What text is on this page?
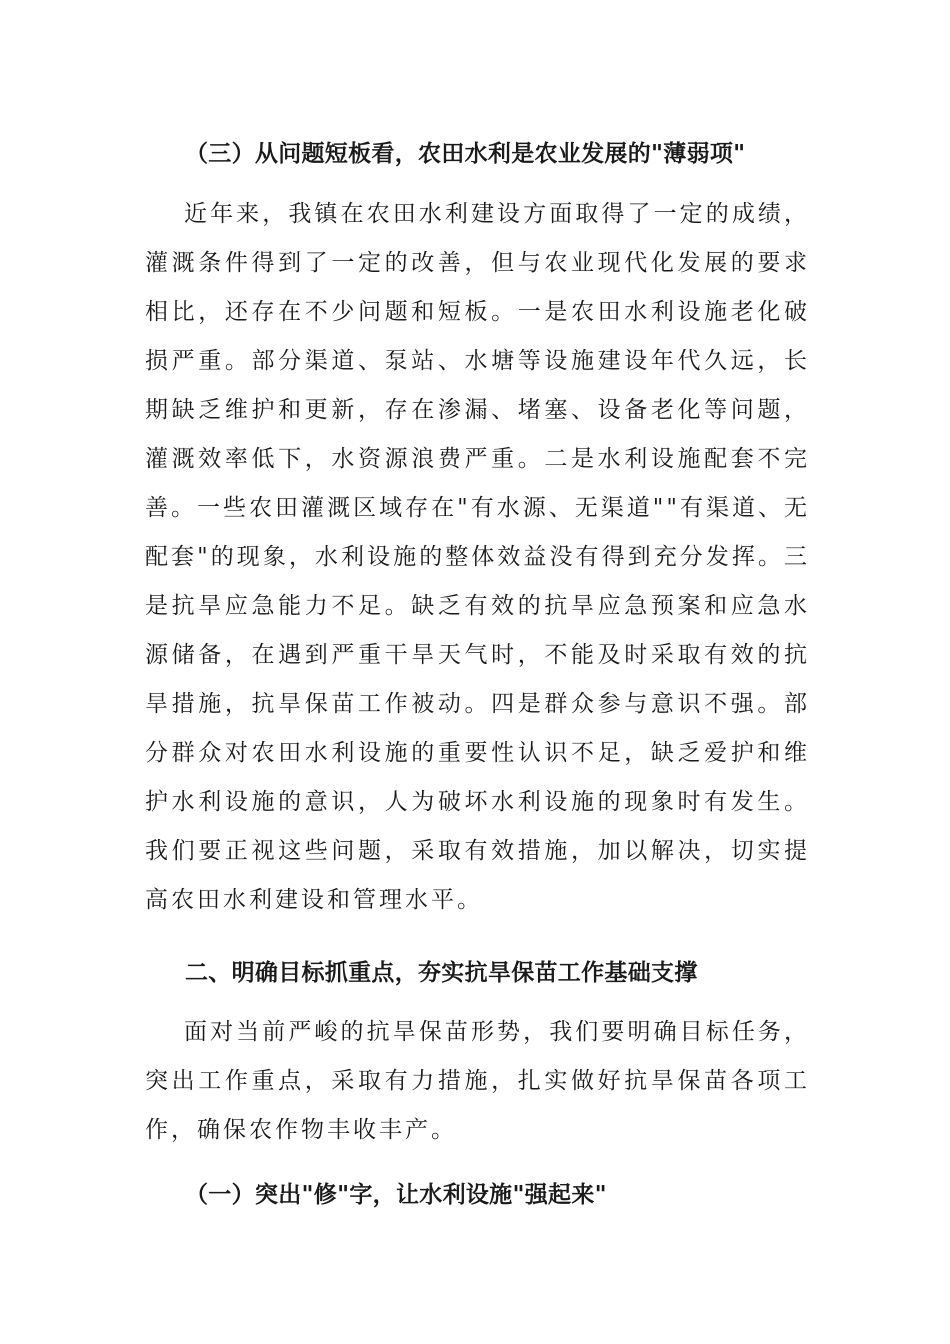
（三）从问题短板看，农田水利是农业发展的"薄弱项"
近年来，我镇在农田水利建设方面取得了一定的成绩，灌溉条件得到了一定的改善，但与农业现代化发展的要求相比，还存在不少问题和短板。一是农田水利设施老化破损严重。部分渠道、泵站、水塘等设施建设年代久远，长期缺乏维护和更新，存在渗漏、堵塞、设备老化等问题，灌溉效率低下，水资源浪费严重。二是水利设施配套不完善。一些农田灌溉区域存在"有水源、无渠道""有渠道、无配套"的现象，水利设施的整体效益没有得到充分发挥。三是抗旱应急能力不足。缺乏有效的抗旱应急预案和应急水源储备，在遇到严重干旱天气时，不能及时采取有效的抗旱措施，抗旱保苗工作被动。四是群众参与意识不强。部分群众对农田水利设施的重要性认识不足，缺乏爱护和维护水利设施的意识，人为破坏水利设施的现象时有发生。我们要正视这些问题，采取有效措施，加以解决，切实提高农田水利建设和管理水平。
二、明确目标抓重点，夯实抗旱保苗工作基础支撑
面对当前严峻的抗旱保苗形势，我们要明确目标任务，突出工作重点，采取有力措施，扎实做好抗旱保苗各项工作，确保农作物丰收丰产。
（一）突出"修"字，让水利设施"强起来"
